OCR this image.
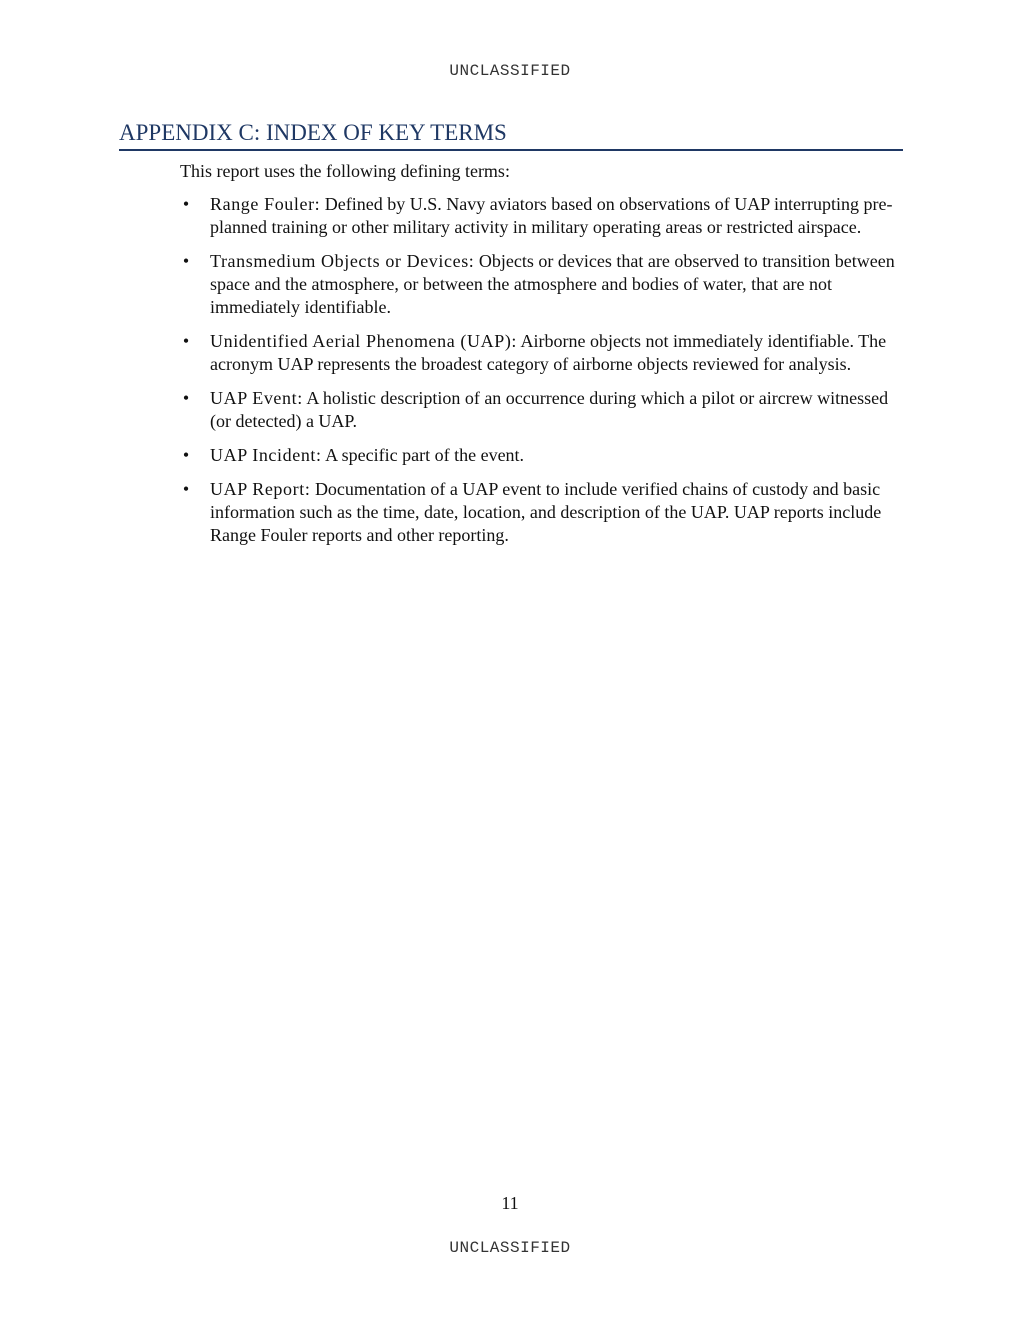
UNCLASSIFIED
APPENDIX C: INDEX OF KEY TERMS

This report uses the following defining terms:

• Range Fouler: Defined by U.S. Navy aviators based on observations of UAP interrupting pre-planned training or other military activity in military operating areas or restricted airspace.
• Transmedium Objects or Devices: Objects or devices that are observed to transition between space and the atmosphere, or between the atmosphere and bodies of water, that are not immediately identifiable.
• Unidentified Aerial Phenomena (UAP): Airborne objects not immediately identifiable. The acronym UAP represents the broadest category of airborne objects reviewed for analysis.
• UAP Event: A holistic description of an occurrence during which a pilot or aircrew witnessed (or detected) a UAP.
• UAP Incident: A specific part of the event.
• UAP Report: Documentation of a UAP event to include verified chains of custody and basic information such as the time, date, location, and description of the UAP. UAP reports include Range Fouler reports and other reporting.
11
UNCLASSIFIED
